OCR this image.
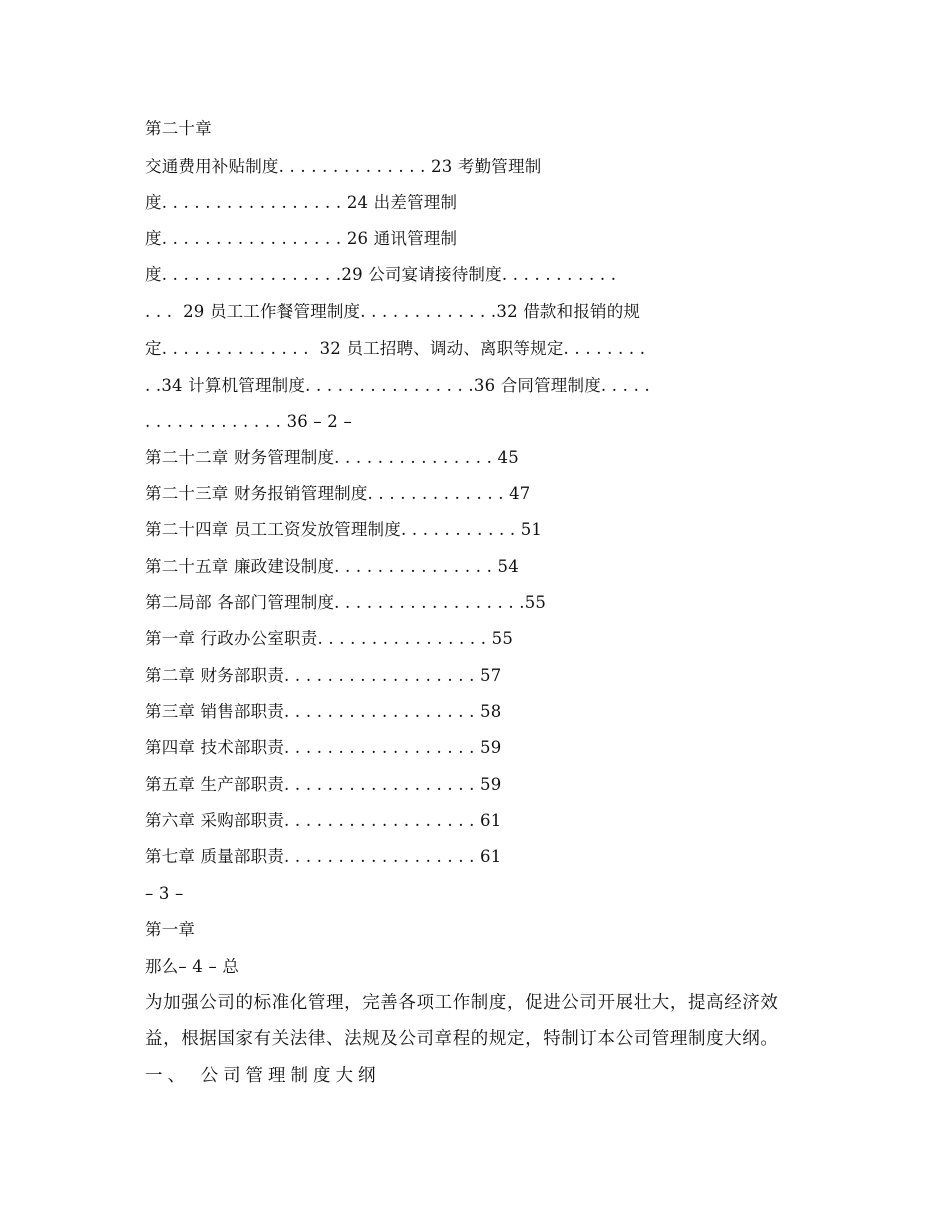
第二十章

交通费用补贴制度. . . . . . . . . . . . . . 23 考勤管理制

度. . . . . . . . . . . . . . . . . 24 出差管理制

度. . . . . . . . . . . . . . . . . 26 通讯管理制

度. . . . . . . . . . . . . . . . .29 公司宴请接待制度. . . . . . . . . . .

. . .  29 员工工作餐管理制度. . . . . . . . . . . . .32 借款和报销的规

定. . . . . . . . . . . . . .  32 员工招聘、调动、离职等规定. . . . . . . .

. .34 计算机管理制度. . . . . . . . . . . . . . . .36 合同管理制度. . . . .

. . . . . . . . . . . . . 36 – 2 –

第二十二章 财务管理制度. . . . . . . . . . . . . . . 45

第二十三章 财务报销管理制度. . . . . . . . . . . . . 47

第二十四章 员工工资发放管理制度. . . . . . . . . . . 51

第二十五章 廉政建设制度. . . . . . . . . . . . . . . 54

第二局部 各部门管理制度. . . . . . . . . . . . . . . . . .55

第一章 行政办公室职责. . . . . . . . . . . . . . . . 55

第二章 财务部职责. . . . . . . . . . . . . . . . . . 57

第三章 销售部职责. . . . . . . . . . . . . . . . . . 58

第四章 技术部职责. . . . . . . . . . . . . . . . . . 59

第五章 生产部职责. . . . . . . . . . . . . . . . . . 59

第六章 采购部职责. . . . . . . . . . . . . . . . . . 61

第七章 质量部职责. . . . . . . . . . . . . . . . . . 61

– 3 –

第一章

那么– 4 – 总

为加强公司的标准化管理，完善各项工作制度，促进公司开展壮大，提高经济效

益，根据国家有关法律、法规及公司章程的规定，特制订本公司管理制度大纲。

一、 公司管理制度大纲
